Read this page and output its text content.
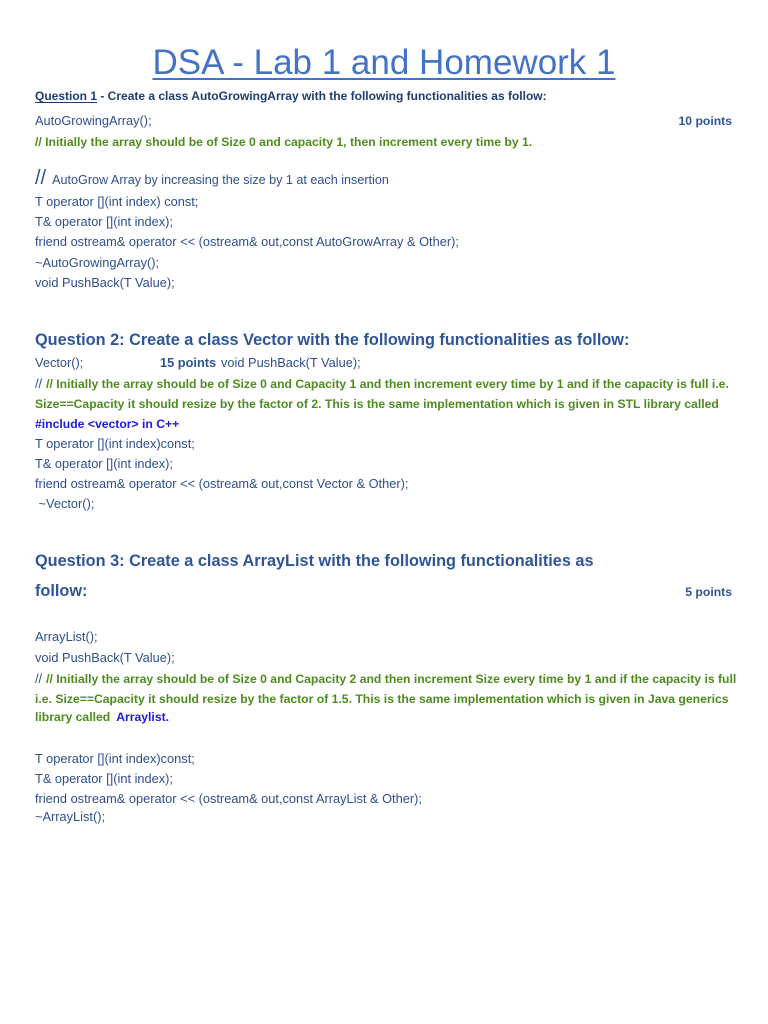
DSA - Lab 1 and Homework 1
Question 1 - Create a class AutoGrowingArray with the following functionalities as follow:
AutoGrowingArray();	10 points
// Initially the array should be of Size 0 and capacity 1, then increment every time by 1.
// AutoGrow Array by increasing the size by 1 at each insertion
T operator [](int index) const;
T& operator [](int index);
friend ostream& operator << (ostream& out,const AutoGrowArray & Other);
~AutoGrowingArray();
void PushBack(T Value);
Question 2: Create a class Vector with the following functionalities as follow:
Vector();	15 points void PushBack(T Value);
// // Initially the array should be of Size 0 and Capacity 1 and then increment every time by 1 and if the capacity is full i.e.
Size==Capacity it should resize by the factor of 2. This is the same implementation which is given in STL library called
#include <vector> in C++
T operator [](int index)const;
T& operator [](int index);
friend ostream& operator << (ostream& out,const Vector & Other);
~Vector();
Question 3: Create a class ArrayList with the following functionalities as
follow:	5 points
ArrayList();
void PushBack(T Value);
// // Initially the array should be of Size 0 and Capacity 2 and then increment Size every time by 1 and if the capacity is full
i.e. Size==Capacity it should resize by the factor of 1.5. This is the same implementation which is given in Java generics
library called Arraylist.
T operator [](int index)const;
T& operator [](int index);
friend ostream& operator << (ostream& out,const ArrayList & Other);
~ArrayList();
